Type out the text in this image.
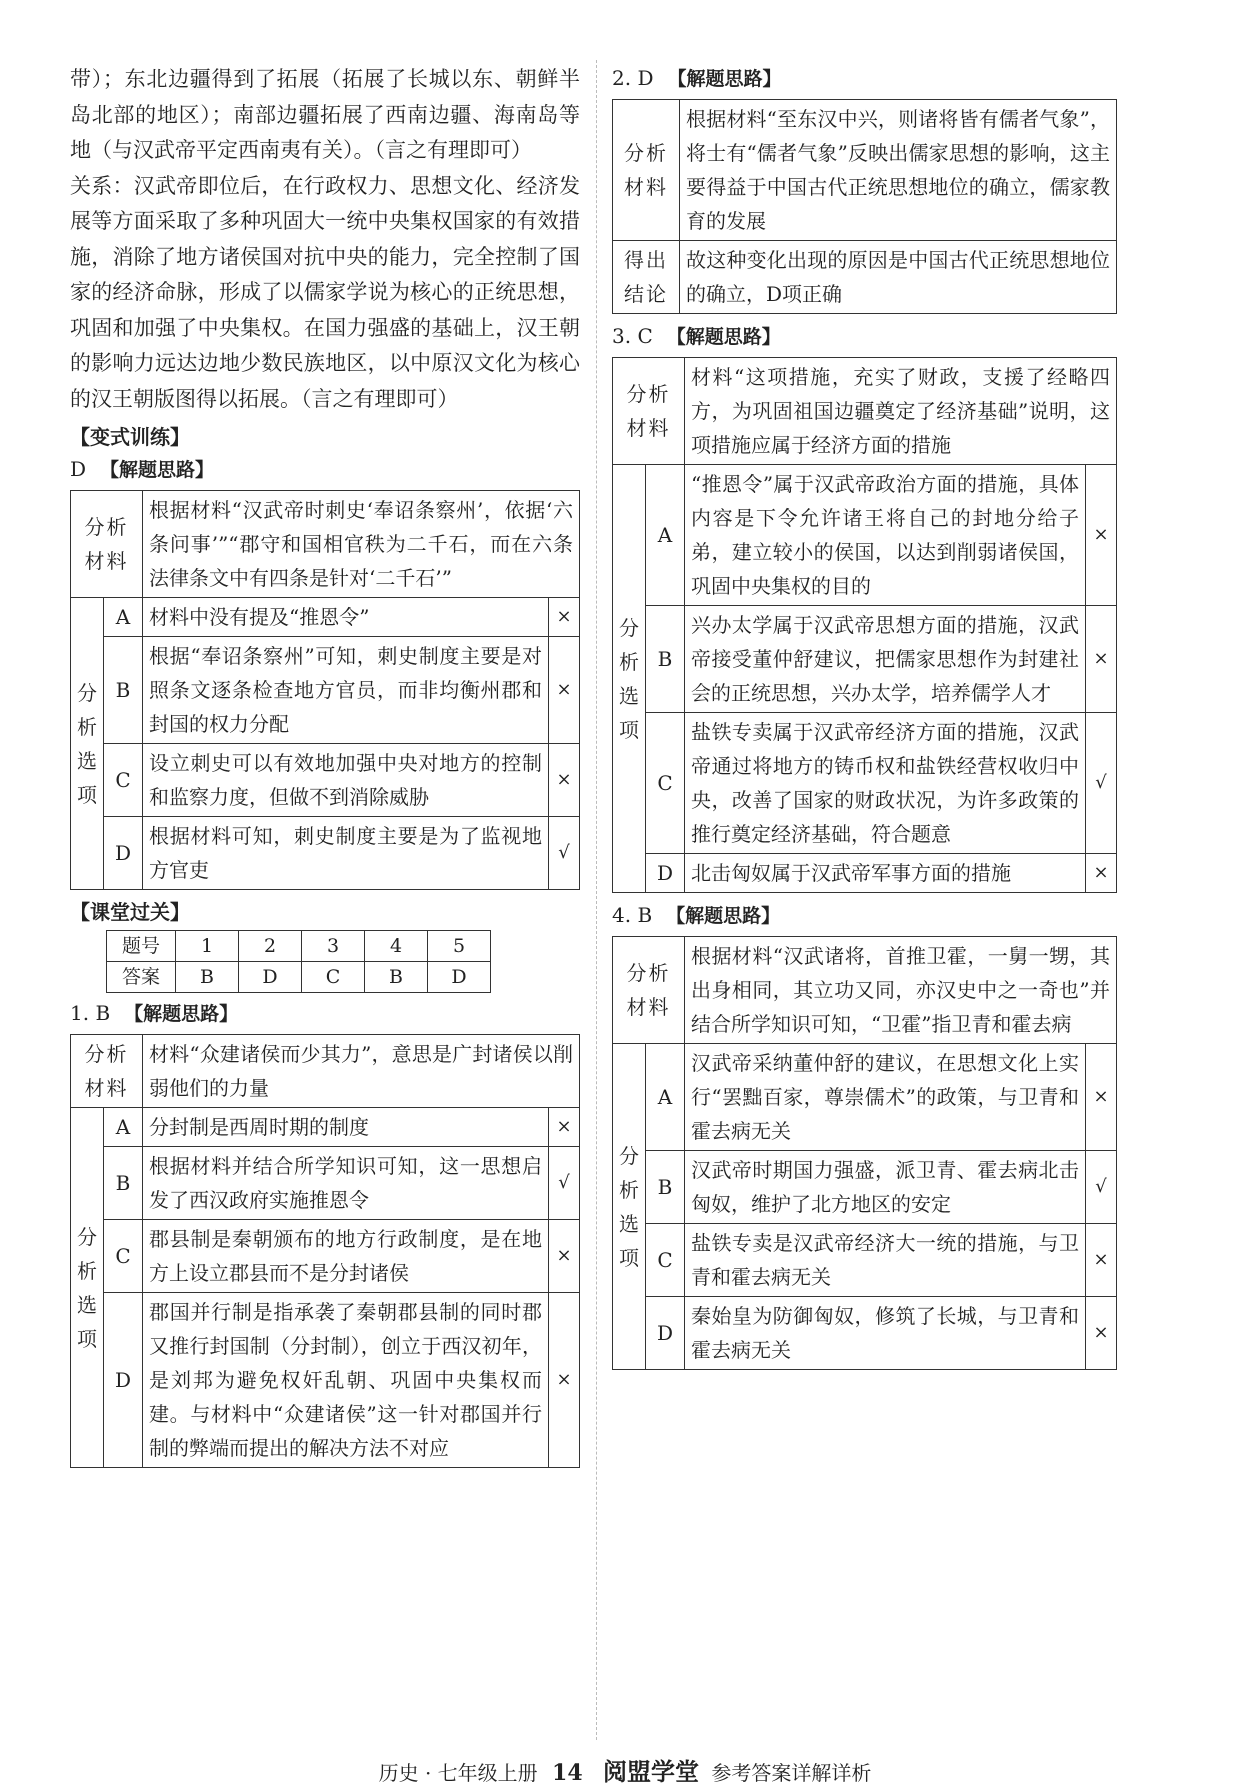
带）；东北边疆得到了拓展（拓展了长城以东、朝鲜半岛北部的地区）；南部边疆拓展了西南边疆、海南岛等地（与汉武帝平定西南夷有关）。（言之有理即可）

关系：汉武帝即位后，在行政权力、思想文化、经济发展等方面采取了多种巩固大一统中央集权国家的有效措施，消除了地方诸侯国对抗中央的能力，完全控制了国家的经济命脉，形成了以儒家学说为核心的正统思想，巩固和加强了中央集权。在国力强盛的基础上，汉王朝的影响力远达边地少数民族地区，以中原汉文化为核心的汉王朝版图得以拓展。（言之有理即可）

【变式训练】
D 【解题思路】
分析材料		根据材料“汉武帝时刺史‘奉诏条察州’，依据‘六条问事’”“郡守和国相官秩为二千石，而在六条法律条文中有四条是针对‘二千石’”	
分析选项	A	材料中没有提及“推恩令”	×
	B	根据“奉诏条察州”可知，刺史制度主要是对照条文逐条检查地方官员，而非均衡州郡和封国的权力分配	×
	C	设立刺史可以有效地加强中央对地方的控制和监察力度，但做不到消除威胁	×
	D	根据材料可知，刺史制度主要是为了监视地方官吏	√
【课堂过关】
题号	1	2	3	4	5
答案	B	D	C	B	D
1. B 【解题思路】
分析材料		材料“众建诸侯而少其力”，意思是广封诸侯以削弱他们的力量	
分析选项	A	分封制是西周时期的制度	×
	B	根据材料并结合所学知识可知，这一思想启发了西汉政府实施推恩令	√
	C	郡县制是秦朝颁布的地方行政制度，是在地方上设立郡县而不是分封诸侯	×
	D	郡国并行制是指承袭了秦朝郡县制的同时郡又推行封国制（分封制），创立于西汉初年，是刘邦为避免权奸乱朝、巩固中央集权而建。与材料中“众建诸侯”这一针对郡国并行制的弊端而提出的解决方法不对应	×
2. D 【解题思路】
分析材料	根据材料“至东汉中兴，则诸将皆有儒者气象”，将士有“儒者气象”反映出儒家思想的影响，这主要得益于中国古代正统思想地位的确立，儒家教育的发展
得出结论	故这种变化出现的原因是中国古代正统思想地位的确立，D项正确
3. C 【解题思路】
分析材料		材料“这项措施，充实了财政，支援了经略四方，为巩固祖国边疆奠定了经济基础”说明，这项措施应属于经济方面的措施	
分析选项	A	“推恩令”属于汉武帝政治方面的措施，具体内容是下令允许诸王将自己的封地分给子弟，建立较小的侯国，以达到削弱诸侯国，巩固中央集权的目的	×
	B	兴办太学属于汉武帝思想方面的措施，汉武帝接受董仲舒建议，把儒家思想作为封建社会的正统思想，兴办太学，培养儒学人才	×
	C	盐铁专卖属于汉武帝经济方面的措施，汉武帝通过将地方的铸币权和盐铁经营权收归中央，改善了国家的财政状况，为许多政策的推行奠定经济基础，符合题意	√
	D	北击匈奴属于汉武帝军事方面的措施	×
4. B 【解题思路】
分析材料		根据材料“汉武诸将，首推卫霍，一舅一甥，其出身相同，其立功又同，亦汉史中之一奇也”并结合所学知识可知，“卫霍”指卫青和霍去病	
分析选项	A	汉武帝采纳董仲舒的建议，在思想文化上实行“罢黜百家，尊崇儒术”的政策，与卫青和霍去病无关	×
	B	汉武帝时期国力强盛，派卫青、霍去病北击匈奴，维护了北方地区的安定	√
	C	盐铁专卖是汉武帝经济大一统的措施，与卫青和霍去病无关	×
	D	秦始皇为防御匈奴，修筑了长城，与卫青和霍去病无关	×
历史 · 七年级上册 14 阅盟学堂 参考答案详解详析
